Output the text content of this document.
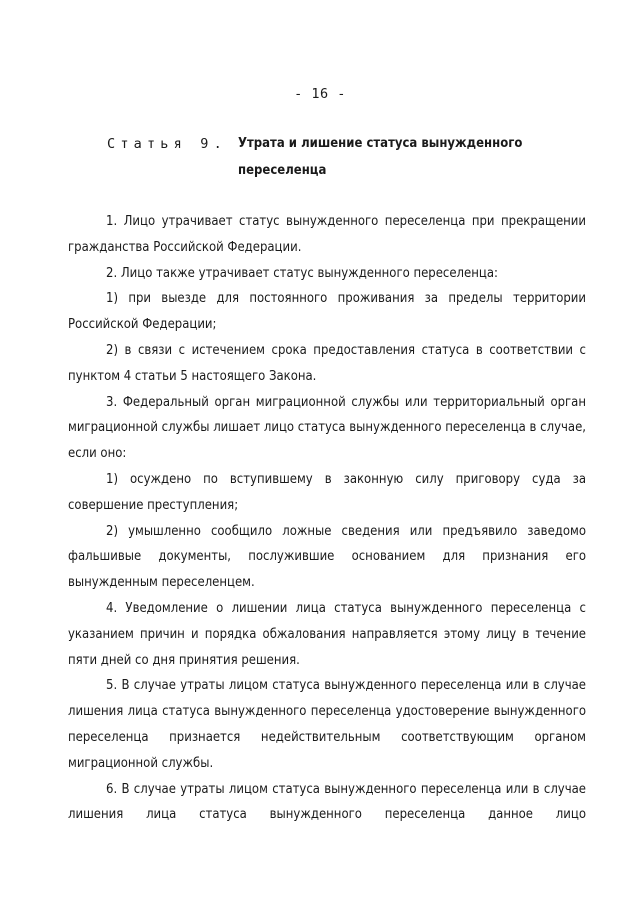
- 16 -
Статья 9. Утрата и лишение статуса вынужденного переселенца

1. Лицо утрачивает статус вынужденного переселенца при прекращении гражданства Российской Федерации.

2. Лицо также утрачивает статус вынужденного переселенца:

1) при выезде для постоянного проживания за пределы территории Российской Федерации;

2) в связи с истечением срока предоставления статуса в соответствии с пунктом 4 статьи 5 настоящего Закона.

3. Федеральный орган миграционной службы или территориальный орган миграционной службы лишает лицо статуса вынужденного переселенца в случае, если оно:

1) осуждено по вступившему в законную силу приговору суда за совершение преступления;

2) умышленно сообщило ложные сведения или предъявило заведомо фальшивые документы, послужившие основанием для признания его вынужденным переселенцем.

4. Уведомление о лишении лица статуса вынужденного переселенца с указанием причин и порядка обжалования направляется этому лицу в течение пяти дней со дня принятия решения.

5. В случае утраты лицом статуса вынужденного переселенца или в случае лишения лица статуса вынужденного переселенца удостоверение вынужденного переселенца признается недействительным соответствующим органом миграционной службы.

6. В случае утраты лицом статуса вынужденного переселенца или в случае лишения лица статуса вынужденного переселенца данное лицо
